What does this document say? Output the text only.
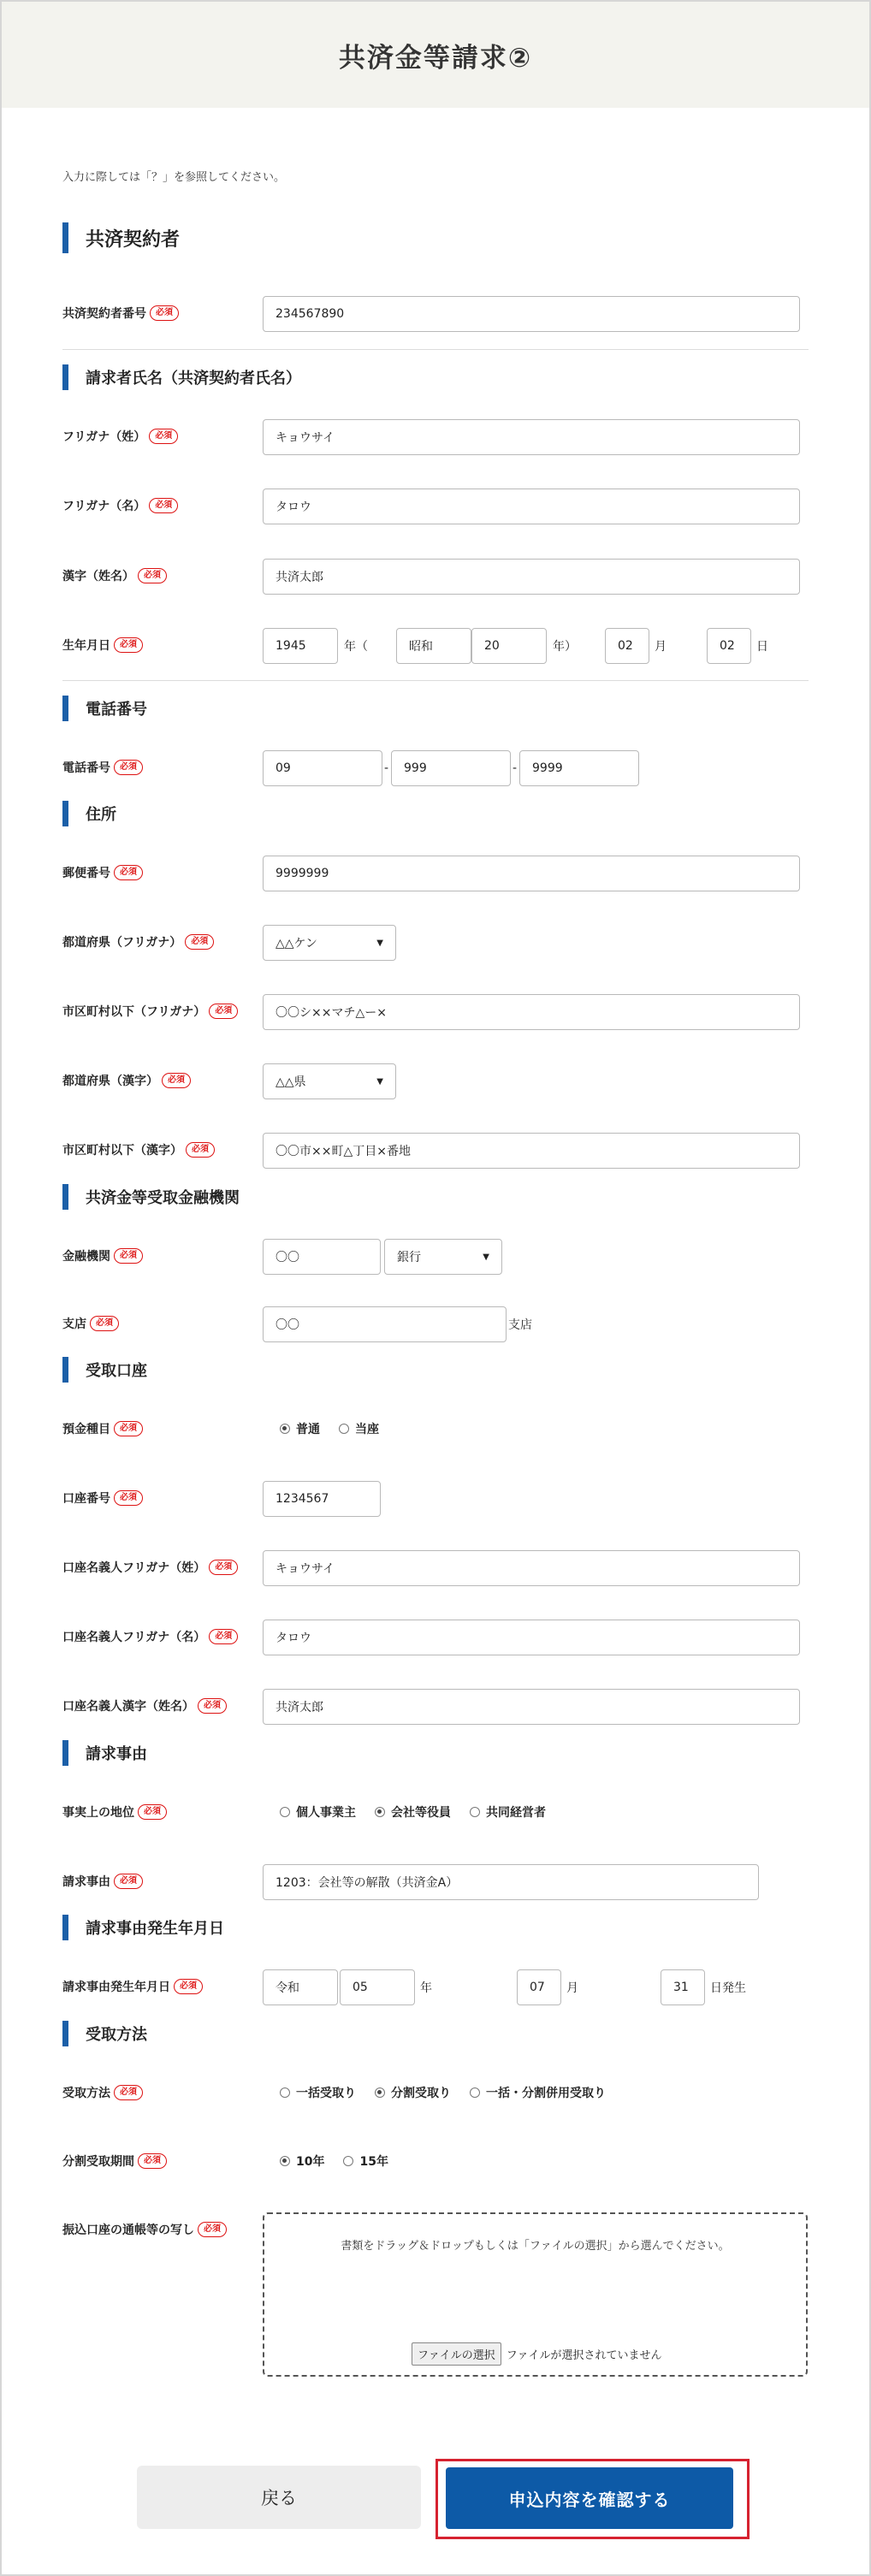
共済金等請求②
入力に際しては「？」を参照してください。
共済契約者
共済契約者番号	必須	234567890
請求者氏名（共済契約者氏名）
フリガナ（姓）	必須	キョウサイ
フリガナ（名）	必須	タロウ
漢字（姓名）	必須	共済太郎
生年月日	必須	1945	年（	昭和	20	年）	02	月	02	日
電話番号
電話番号	必須	09	-	999	-	9999
住所
郵便番号	必須	9999999
都道府県（フリガナ）	必須	△△ケン	▼
市区町村以下（フリガナ）	必須	〇〇シ××マチ△ー×
都道府県（漢字）	必須	△△県	▼
市区町村以下（漢字）	必須	〇〇市××町△丁目×番地
共済金等受取金融機関
金融機関	必須	〇〇	銀行	▼
支店	必須	〇〇	支店
受取口座
預金種目	必須	普通	当座
口座番号	必須	1234567
口座名義人フリガナ（姓）	必須	キョウサイ
口座名義人フリガナ（名）	必須	タロウ
口座名義人漢字（姓名）	必須	共済太郎
請求事由
事実上の地位	必須	個人事業主	会社等役員	共同経営者
請求事由	必須	1203：会社等の解散（共済金A）
請求事由発生年月日
請求事由発生年月日	必須	令和	05	年	07	月	31	日発生
受取方法
受取方法	必須	一括受取り	分割受取り	一括・分割併用受取り
分割受取期間	必須	10年	15年
振込口座の通帳等の写し	必須
書類をドラッグ＆ドロップもしくは「ファイルの選択」から選んでください。
ファイルの選択	ファイルが選択されていません
戻る	申込内容を確認する
